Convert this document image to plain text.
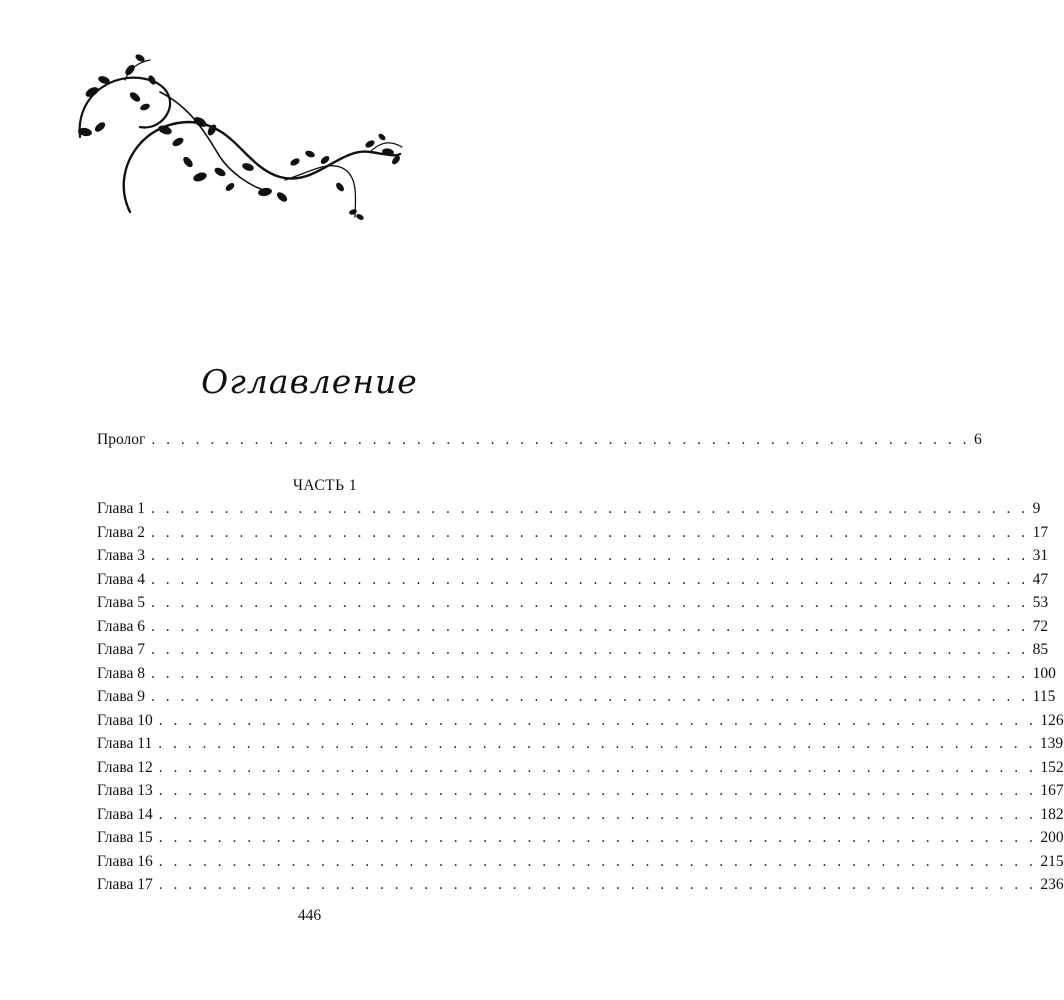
Оглавление
Пролог . . . . . . . . . . . . . . . . . . . . . . . . . . . . . . . . . . . . . . . . . . . . . . . . . . . . . . . . 6
ЧАСТЬ 1
Глава 1 . . . . . . . . . . . . . . . . . . . . . . . . . . . . . . . . . . . . . . . . . . . . . . . . . . . . . . . . . . . . 9
Глава 2 . . . . . . . . . . . . . . . . . . . . . . . . . . . . . . . . . . . . . . . . . . . . . . . . . . . . . . . . . . . . 17
Глава 3 . . . . . . . . . . . . . . . . . . . . . . . . . . . . . . . . . . . . . . . . . . . . . . . . . . . . . . . . . . . . 31
Глава 4 . . . . . . . . . . . . . . . . . . . . . . . . . . . . . . . . . . . . . . . . . . . . . . . . . . . . . . . . . . . . 47
Глава 5 . . . . . . . . . . . . . . . . . . . . . . . . . . . . . . . . . . . . . . . . . . . . . . . . . . . . . . . . . . . . 53
Глава 6 . . . . . . . . . . . . . . . . . . . . . . . . . . . . . . . . . . . . . . . . . . . . . . . . . . . . . . . . . . . . 72
Глава 7 . . . . . . . . . . . . . . . . . . . . . . . . . . . . . . . . . . . . . . . . . . . . . . . . . . . . . . . . . . . . 85
Глава 8 . . . . . . . . . . . . . . . . . . . . . . . . . . . . . . . . . . . . . . . . . . . . . . . . . . . . . . . . . . . . 100
Глава 9 . . . . . . . . . . . . . . . . . . . . . . . . . . . . . . . . . . . . . . . . . . . . . . . . . . . . . . . . . . . . 115
Глава 10 . . . . . . . . . . . . . . . . . . . . . . . . . . . . . . . . . . . . . . . . . . . . . . . . . . . . . . . . . . . . 126
Глава 11 . . . . . . . . . . . . . . . . . . . . . . . . . . . . . . . . . . . . . . . . . . . . . . . . . . . . . . . . . . . . 139
Глава 12 . . . . . . . . . . . . . . . . . . . . . . . . . . . . . . . . . . . . . . . . . . . . . . . . . . . . . . . . . . . . 152
Глава 13 . . . . . . . . . . . . . . . . . . . . . . . . . . . . . . . . . . . . . . . . . . . . . . . . . . . . . . . . . . . . 167
Глава 14 . . . . . . . . . . . . . . . . . . . . . . . . . . . . . . . . . . . . . . . . . . . . . . . . . . . . . . . . . . . . 182
Глава 15 . . . . . . . . . . . . . . . . . . . . . . . . . . . . . . . . . . . . . . . . . . . . . . . . . . . . . . . . . . . . 200
Глава 16 . . . . . . . . . . . . . . . . . . . . . . . . . . . . . . . . . . . . . . . . . . . . . . . . . . . . . . . . . . . . 215
Глава 17 . . . . . . . . . . . . . . . . . . . . . . . . . . . . . . . . . . . . . . . . . . . . . . . . . . . . . . . . . . . . 236
446
